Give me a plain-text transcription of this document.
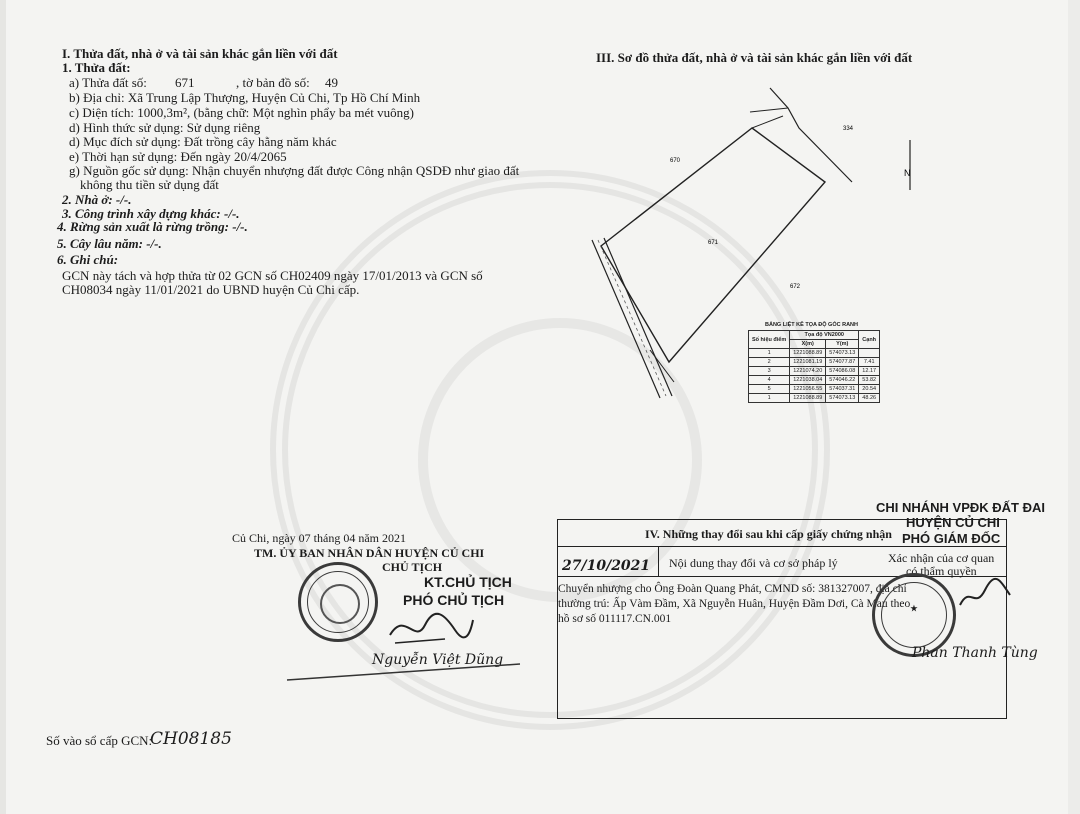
I. Thửa đất, nhà ở và tài sản khác gắn liền với đất
1. Thửa đất:
a) Thửa đất số: 671	, tờ bản đồ số: 49
b) Địa chỉ: Xã Trung Lập Thượng, Huyện Củ Chi, Tp Hồ Chí Minh
c) Diện tích: 1000,3m², (bằng chữ: Một nghìn phẩy ba mét vuông)
d) Hình thức sử dụng: Sử dụng riêng
d) Mục đích sử dụng: Đất trồng cây hằng năm khác
e) Thời hạn sử dụng: Đến ngày 20/4/2065
g) Nguồn gốc sử dụng: Nhận chuyển nhượng đất được Công nhận QSDĐ như giao đất
không thu tiền sử dụng đất
2. Nhà ở: -/-.
3. Công trình xây dựng khác: -/-.
4. Rừng sản xuất là rừng trồng: -/-.
5. Cây lâu năm: -/-.
6. Ghi chú:
GCN này tách và hợp thửa từ 02 GCN số CH02409 ngày 17/01/2013 và GCN số
CH08034 ngày 11/01/2021 do UBND huyện Củ Chi cấp.
Củ Chi, ngày 07 tháng 04 năm 2021
TM. ỦY BAN NHÂN DÂN HUYỆN CỦ CHI
CHỦ TỊCH
KT.CHỦ TỊCH
PHÓ CHỦ TỊCH
Nguyễn Việt Dũng
Số vào sổ cấp GCN:
CH08185
III. Sơ đồ thửa đất, nhà ở và tài sản khác gắn liền với đất
334
670
671
672
N
BẢNG LIỆT KÊ TỌA ĐỘ GÓC RANH
Số hiệu điểm	Tọa độ VN2000		Cạnh
	X(m)	Y(m)	
1	1221088.89	574073.13	
2	1221081.19	574077.87	7.41
3	1221074.20	574086.08	12.17
4	1221038.04	574046.22	53.82
5	1221056.55	574037.31	20.54
1	1221088.89	574073.13	48.26
CHI NHÁNH VPĐK ĐẤT ĐAI
HUYỆN CỦ CHI
PHÓ GIÁM ĐỐC
IV. Những thay đổi sau khi cấp giấy chứng nhận
27/10/2021 Nội dung thay đổi và cơ sở pháp lý	Xác nhận của cơ quan
có thẩm quyền
Chuyển nhượng cho Ông Đoàn Quang Phát, CMND số: 381327007, địa chỉ
thường trú: Ấp Vàm Đầm, Xã Nguyễn Huân, Huyện Đầm Dơi, Cà Mau theo
hồ sơ số 011117.CN.001
★
Phan Thanh Tùng
